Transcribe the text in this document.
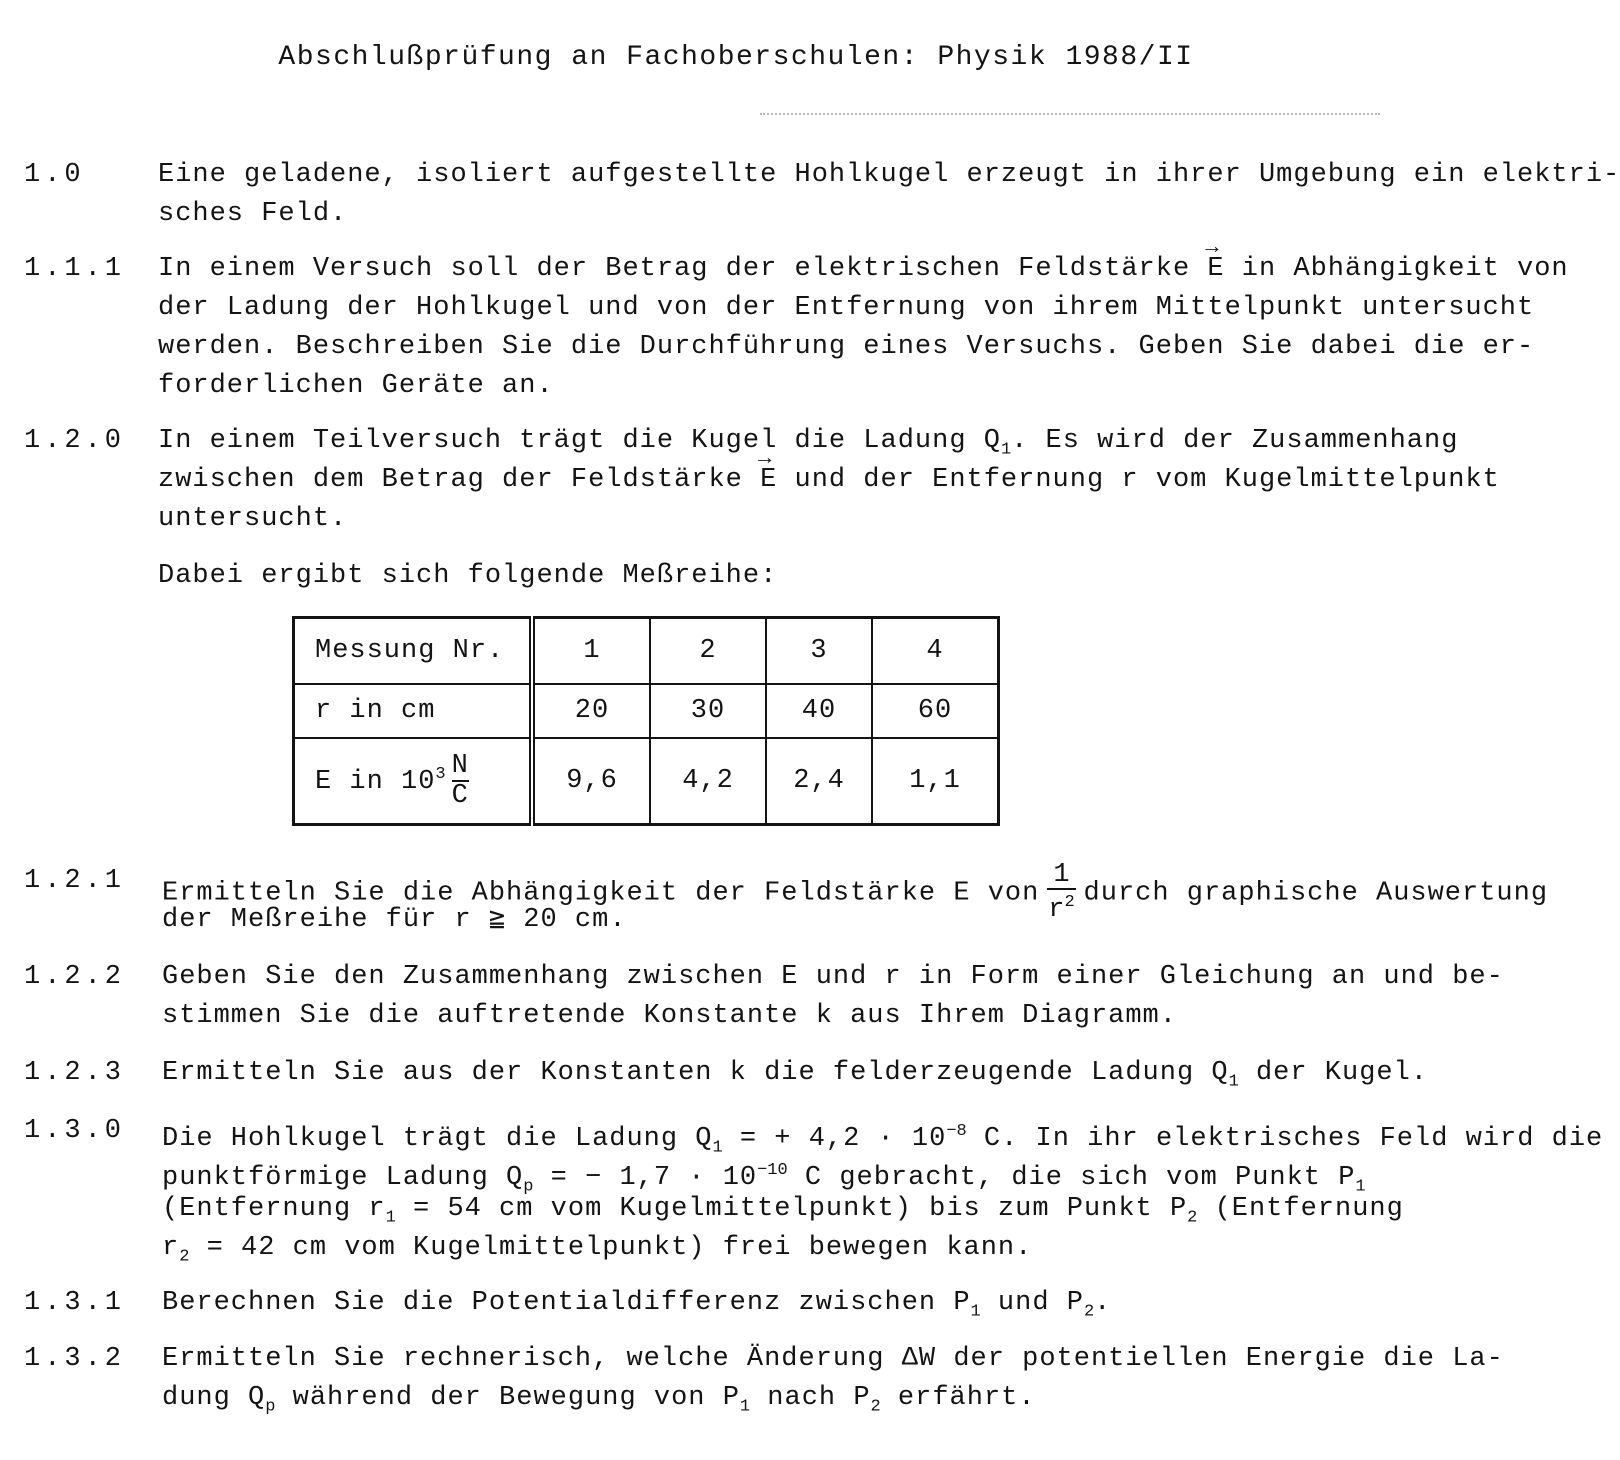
Abschlußprüfung an Fachoberschulen: Physik 1988/II
1.0	Eine geladene, isoliert aufgestellte Hohlkugel erzeugt in ihrer Umgebung ein elektri-
sches Feld.
1.1.1 In einem Versuch soll der Betrag der elektrischen Feldstärke → E in Abhängigkeit von
der Ladung der Hohlkugel und von der Entfernung von ihrem Mittelpunkt untersucht
werden. Beschreiben Sie die Durchführung eines Versuchs. Geben Sie dabei die er-
forderlichen Geräte an.
1.2.0 In einem Teilversuch trägt die Kugel die Ladung $Q_1$. Es wird der Zusammenhang
zwischen dem Betrag der Feldstärke → E und der Entfernung r vom Kugelmittelpunkt
untersucht.
Dabei ergibt sich folgende Meßreihe:
Messung Nr.	1	2	3	4
r in cm	20	30	40	60
E in $10^3 \frac{N}{C}$	9,6	4,2	2,4	1,1
1.2.1 Ermitteln Sie die Abhängigkeit der Feldstärke E von $\frac{1}{r^2}$ durch graphische Auswertung
der Meßreihe für r ≧ 20 cm.
1.2.2 Geben Sie den Zusammenhang zwischen E und r in Form einer Gleichung an und be-
stimmen Sie die auftretende Konstante k aus Ihrem Diagramm.
1.2.3 Ermitteln Sie aus der Konstanten k die felderzeugende Ladung $Q_1$ der Kugel.
1.3.0 Die Hohlkugel trägt die Ladung $Q_1$ = + $4,2 \cdot 10^{-8}$ C. In ihr elektrisches Feld wird die
punktförmige Ladung $Q_p$ = − $1,7 \cdot 10^{-10}$ C gebracht, die sich vom Punkt $P_1$
(Entfernung $r_1 = 54$ cm vom Kugelmittelpunkt) bis zum Punkt $P_2$ (Entfernung
$r_2 = 42$ cm vom Kugelmittelpunkt) frei bewegen kann.
1.3.1 Berechnen Sie die Potentialdifferenz zwischen $P_1$ und $P_2$.
1.3.2 Ermitteln Sie rechnerisch, welche Änderung ΔW der potentiellen Energie die La-
dung $Q_p$ während der Bewegung von $P_1$ nach $P_2$ erfährt.
